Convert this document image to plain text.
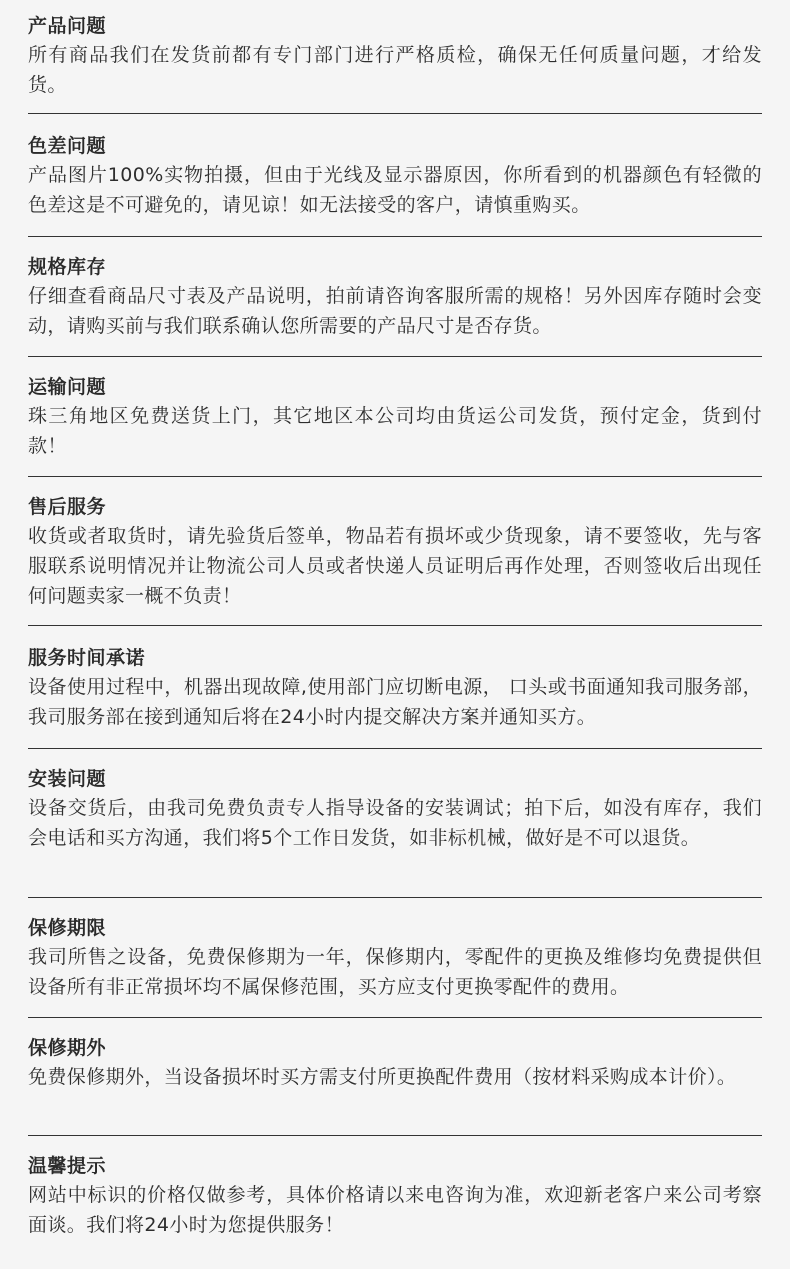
产品问题
所有商品我们在发货前都有专门部门进行严格质检，确保无任何质量问题，才给发货。
色差问题
产品图片100%实物拍摄，但由于光线及显示器原因，你所看到的机器颜色有轻微的色差这是不可避免的，请见谅！如无法接受的客户，请慎重购买。
规格库存
仔细查看商品尺寸表及产品说明，拍前请咨询客服所需的规格！另外因库存随时会变动，请购买前与我们联系确认您所需要的产品尺寸是否存货。
运输问题
珠三角地区免费送货上门，其它地区本公司均由货运公司发货，预付定金，货到付款！
售后服务
收货或者取货时，请先验货后签单，物品若有损坏或少货现象，请不要签收，先与客服联系说明情况并让物流公司人员或者快递人员证明后再作处理，否则签收后出现任何问题卖家一概不负责！
服务时间承诺
设备使用过程中，机器出现故障,使用部门应切断电源， 口头或书面通知我司服务部，我司服务部在接到通知后将在24小时内提交解决方案并通知买方。
安装问题
设备交货后，由我司免费负责专人指导设备的安装调试；拍下后，如没有库存，我们会电话和买方沟通，我们将5个工作日发货，如非标机械，做好是不可以退货。
保修期限
我司所售之设备，免费保修期为一年，保修期内，零配件的更换及维修均免费提供但设备所有非正常损坏均不属保修范围，买方应支付更换零配件的费用。
保修期外
免费保修期外，当设备损坏时买方需支付所更换配件费用（按材料采购成本计价）。
温馨提示
网站中标识的价格仅做参考，具体价格请以来电咨询为准，欢迎新老客户来公司考察面谈。我们将24小时为您提供服务！
